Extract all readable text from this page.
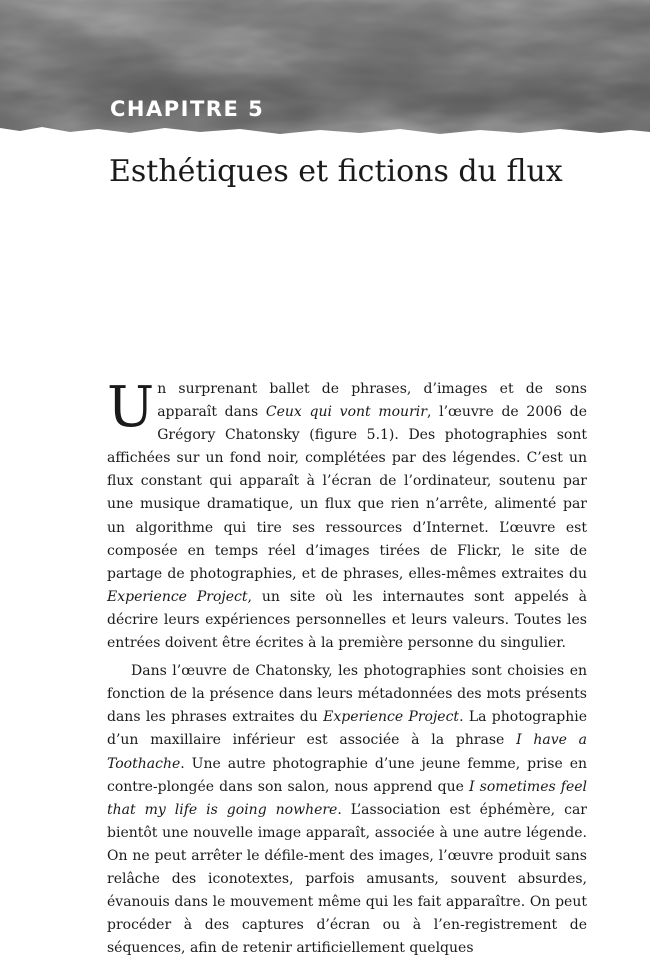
CHAPITRE 5
Esthétiques et fictions du flux

Un surprenant ballet de phrases, d’images et de sons apparaît dans Ceux qui vont mourir, l’œuvre de 2006 de Grégory Chatonsky (figure 5.1). Des photographies sont affichées sur un fond noir, complétées par des légendes. C’est un flux constant qui apparaît à l’écran de l’ordinateur, soutenu par une musique dramatique, un flux que rien n’arrête, alimenté par un algorithme qui tire ses ressources d’Internet. L’œuvre est composée en temps réel d’images tirées de Flickr, le site de partage de photographies, et de phrases, elles-mêmes extraites du Experience Project, un site où les internautes sont appelés à décrire leurs expériences personnelles et leurs valeurs. Toutes les entrées doivent être écrites à la première personne du singulier.

Dans l’œuvre de Chatonsky, les photographies sont choisies en fonction de la présence dans leurs métadonnées des mots présents dans les phrases extraites du Experience Project. La photographie d’un maxillaire inférieur est associée à la phrase I have a Toothache. Une autre photographie d’une jeune femme, prise en contre-plongée dans son salon, nous apprend que I sometimes feel that my life is going nowhere. L’association est éphémère, car bientôt une nouvelle image apparaît, associée à une autre légende. On ne peut arrêter le défile-ment des images, l’œuvre produit sans relâche des iconotextes, parfois amusants, souvent absurdes, évanouis dans le mouvement même qui les fait apparaître. On peut procéder à des captures d’écran ou à l’en-registrement de séquences, afin de retenir artificiellement quelques
